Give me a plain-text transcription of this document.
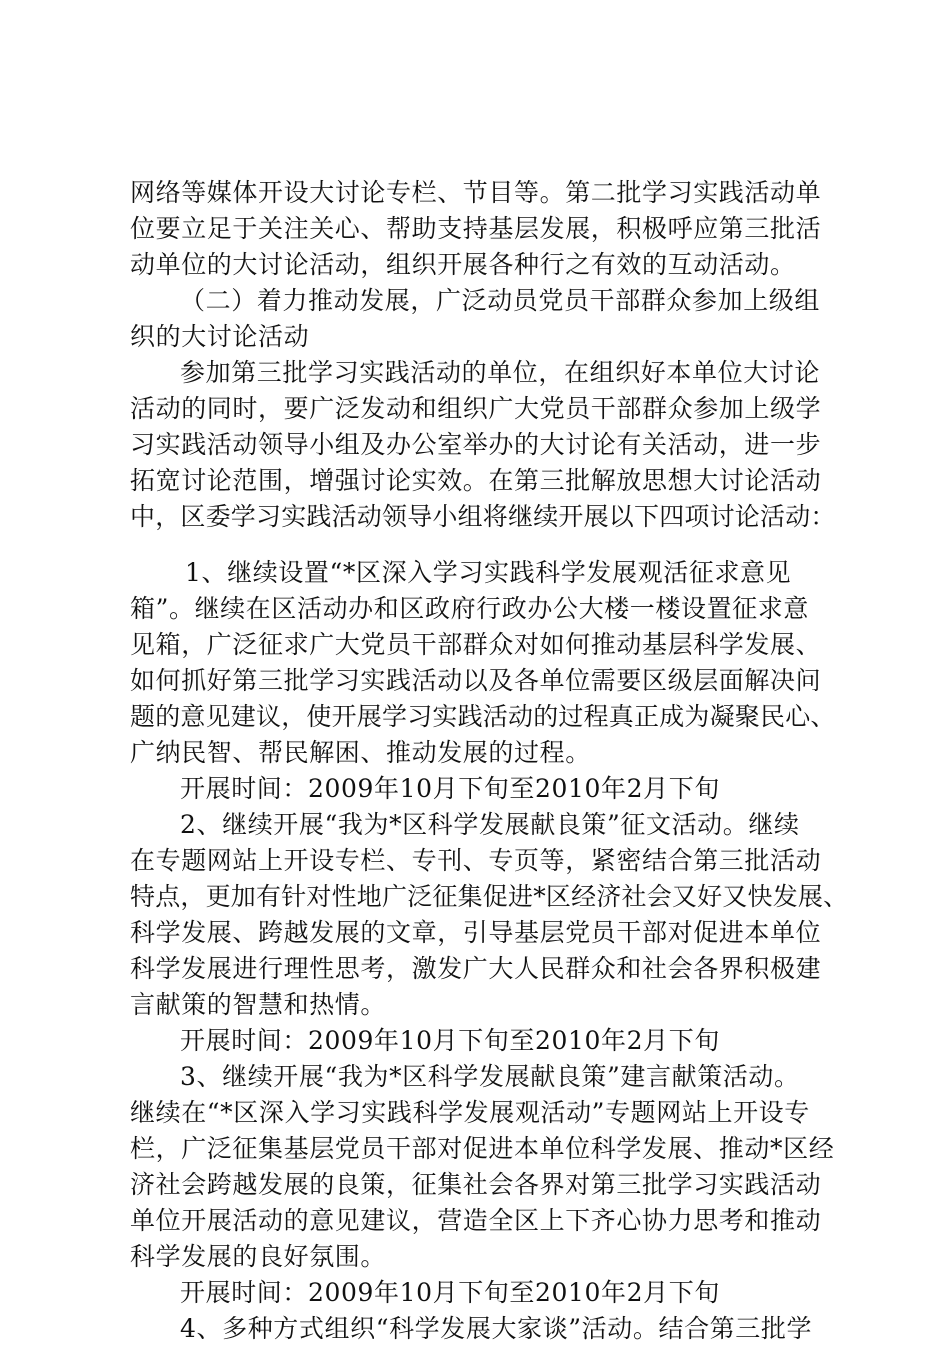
网络等媒体开设大讨论专栏、节目等。第二批学习实践活动单
位要立足于关注关心、帮助支持基层发展，积极呼应第三批活
动单位的大讨论活动，组织开展各种行之有效的互动活动。
（二）着力推动发展，广泛动员党员干部群众参加上级组
织的大讨论活动
参加第三批学习实践活动的单位，在组织好本单位大讨论
活动的同时，要广泛发动和组织广大党员干部群众参加上级学
习实践活动领导小组及办公室举办的大讨论有关活动，进一步
拓宽讨论范围，增强讨论实效。在第三批解放思想大讨论活动
中，区委学习实践活动领导小组将继续开展以下四项讨论活动：
1、继续设置“*区深入学习实践科学发展观活征求意见
箱”。继续在区活动办和区政府行政办公大楼一楼设置征求意
见箱，广泛征求广大党员干部群众对如何推动基层科学发展、
如何抓好第三批学习实践活动以及各单位需要区级层面解决问
题的意见建议，使开展学习实践活动的过程真正成为凝聚民心、
广纳民智、帮民解困、推动发展的过程。
开展时间：2009年10月下旬至2010年2月下旬
2、继续开展“我为*区科学发展献良策”征文活动。继续
在专题网站上开设专栏、专刊、专页等，紧密结合第三批活动
特点，更加有针对性地广泛征集促进*区经济社会又好又快发展、
科学发展、跨越发展的文章，引导基层党员干部对促进本单位
科学发展进行理性思考，激发广大人民群众和社会各界积极建
言献策的智慧和热情。
开展时间：2009年10月下旬至2010年2月下旬
3、继续开展“我为*区科学发展献良策”建言献策活动。
继续在“*区深入学习实践科学发展观活动”专题网站上开设专
栏，广泛征集基层党员干部对促进本单位科学发展、推动*区经
济社会跨越发展的良策，征集社会各界对第三批学习实践活动
单位开展活动的意见建议，营造全区上下齐心协力思考和推动
科学发展的良好氛围。
开展时间：2009年10月下旬至2010年2月下旬
4、多种方式组织“科学发展大家谈”活动。结合第三批学
